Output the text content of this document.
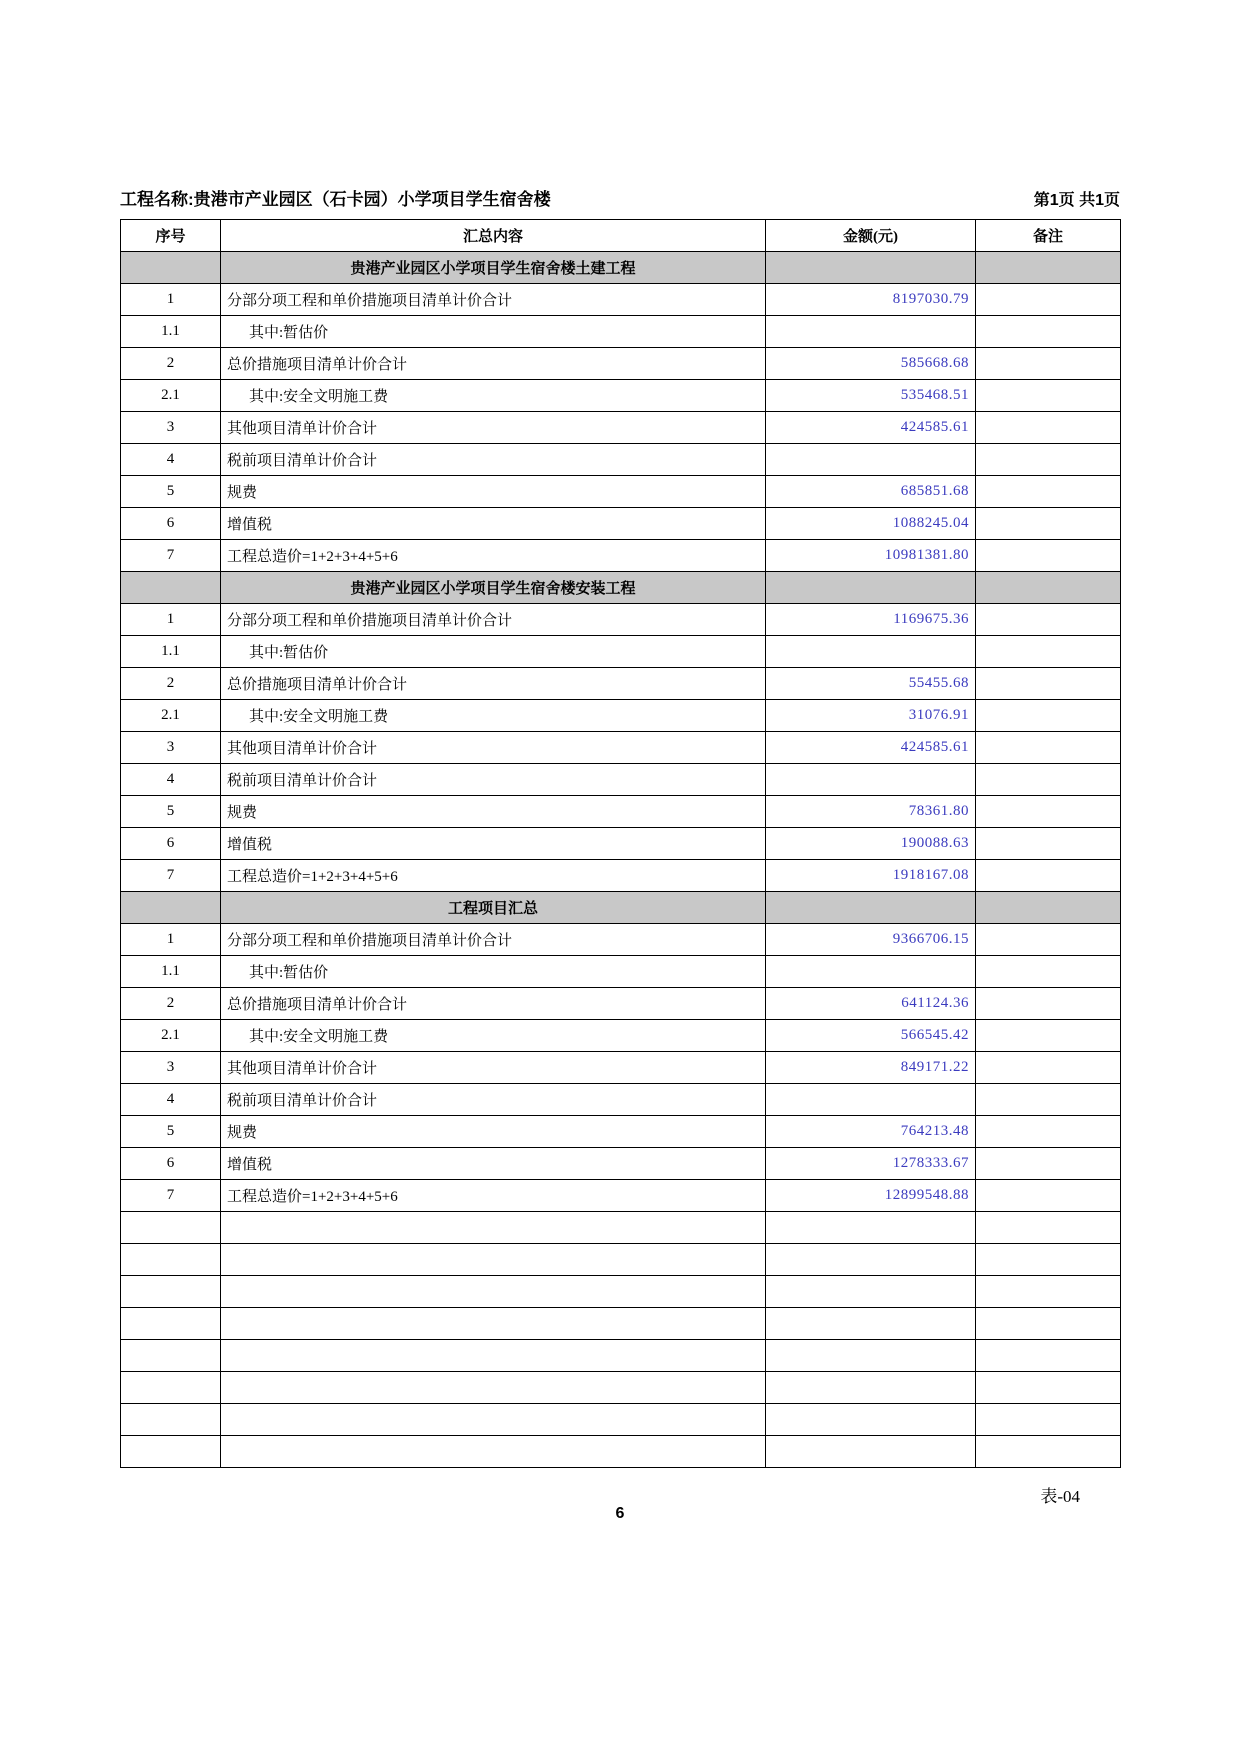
工程名称:贵港市产业园区（石卡园）小学项目学生宿舍楼	第1页 共1页
序号	汇总内容	金额(元)	备注
	贵港产业园区小学项目学生宿舍楼土建工程		
1	分部分项工程和单价措施项目清单计价合计	8197030.79	
1.1	其中:暂估价		
2	总价措施项目清单计价合计	585668.68	
2.1	其中:安全文明施工费	535468.51	
3	其他项目清单计价合计	424585.61	
4	税前项目清单计价合计		
5	规费	685851.68	
6	增值税	1088245.04	
7	工程总造价=1+2+3+4+5+6	10981381.80	
	贵港产业园区小学项目学生宿舍楼安装工程		
1	分部分项工程和单价措施项目清单计价合计	1169675.36	
1.1	其中:暂估价		
2	总价措施项目清单计价合计	55455.68	
2.1	其中:安全文明施工费	31076.91	
3	其他项目清单计价合计	424585.61	
4	税前项目清单计价合计		
5	规费	78361.80	
6	增值税	190088.63	
7	工程总造价=1+2+3+4+5+6	1918167.08	
	工程项目汇总		
1	分部分项工程和单价措施项目清单计价合计	9366706.15	
1.1	其中:暂估价		
2	总价措施项目清单计价合计	641124.36	
2.1	其中:安全文明施工费	566545.42	
3	其他项目清单计价合计	849171.22	
4	税前项目清单计价合计		
5	规费	764213.48	
6	增值税	1278333.67	
7	工程总造价=1+2+3+4+5+6	12899548.88	

表-04
6
